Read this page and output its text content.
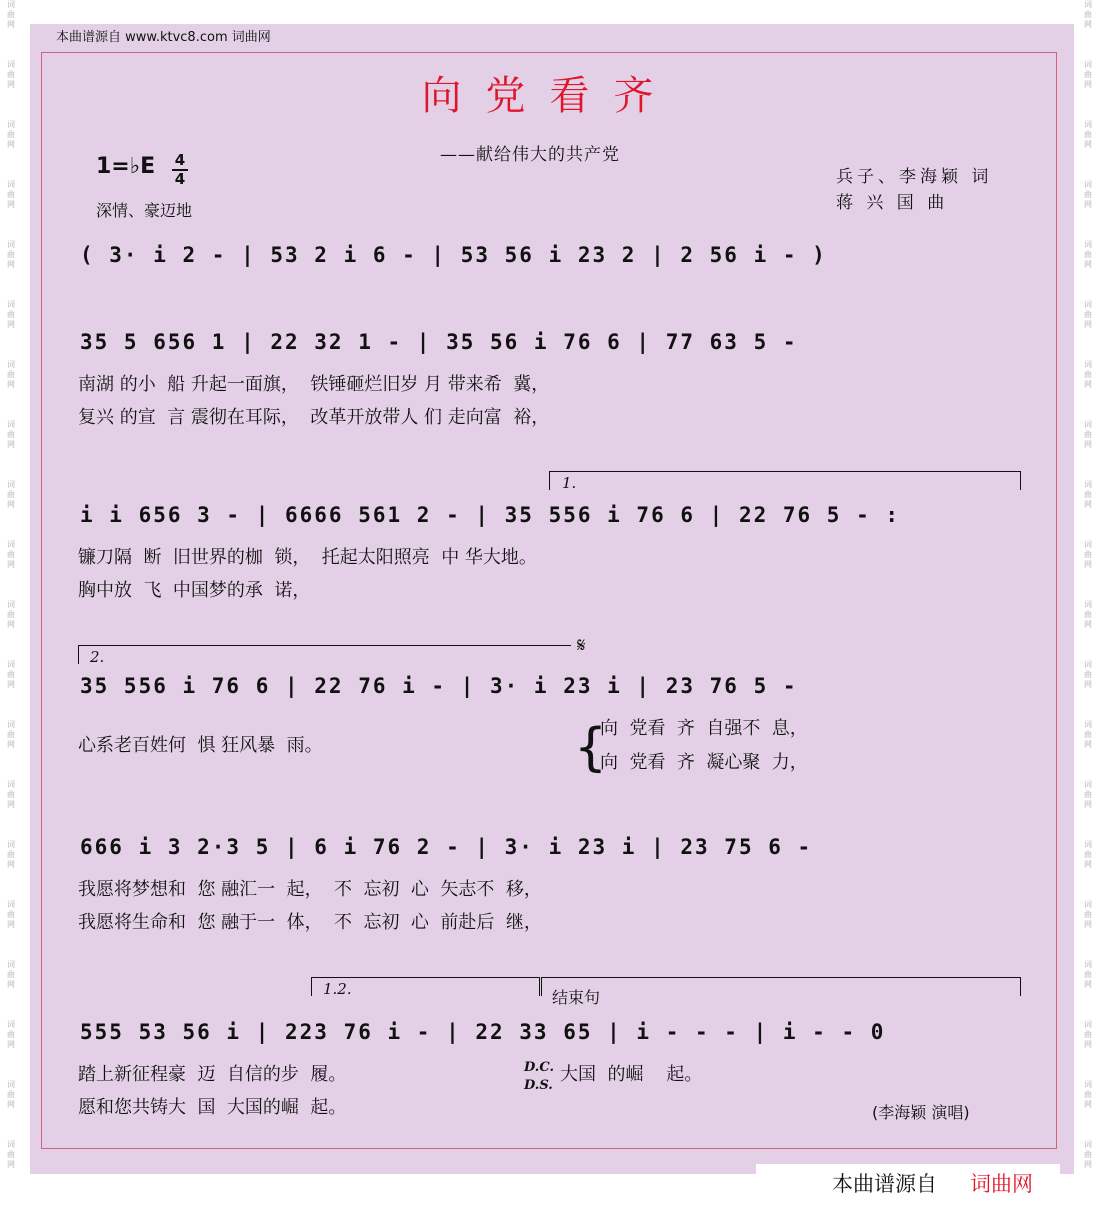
词
曲
网
词
曲
网
词
曲
网
词
曲
网
词
曲
网
词
曲
网
词
曲
网
词
曲
网
词
曲
网
词
曲
网
词
曲
网
词
曲
网
词
曲
网
词
曲
网
词
曲
网
词
曲
网
词
曲
网
词
曲
网
词
曲
网
词
曲
网
词
曲
网
词
曲
网
词
曲
网
词
曲
网
词
曲
网
词
曲
网
词
曲
网
词
曲
网
词
曲
网
词
曲
网
词
曲
网
词
曲
网
词
曲
网
词
曲
网
词
曲
网
词
曲
网
词
曲
网
词
曲
网
词
曲
网
词
曲
网
本曲谱源自 www.ktvc8.com 词曲网
向党看齐
——献给伟大的共产党
1=♭E 4
4
深情、豪迈地
兵子、李海颖 词
蒋 兴 国 曲
( 3· i 2 - | 53 2 i 6 - | 53 56 i 23 2 | 2 56 i - )
35 5 656 1 | 22 32 1 - | 35 56 i 76 6 | 77 63 5 -
南湖 的小  船 升起一面旗，  铁锤砸烂旧岁 月 带来希  冀，
复兴 的宣  言 震彻在耳际，  改革开放带人 们 走向富  裕，
1.
i i 656 3 - | 6666 561 2 - | 35 556 i 76 6 | 22 76 5 - :
镰刀隔  断  旧世界的枷  锁，  托起太阳照亮  中 华大地。
胸中放  飞  中国梦的承  诺，
2.	𝄋
35 556 i 76 6 | 22 76 i - | 3· i 23 i | 23 76 5 -
心系老百姓何  惧 狂风暴  雨。	{
向  党看  齐  自强不  息，
向  党看  齐  凝心聚  力，
666 i 3 2·3 5 | 6 i 76 2 - | 3· i 23 i | 23 75 6 -
我愿将梦想和  您 融汇一  起，  不  忘初  心  矢志不  移，
我愿将生命和  您 融于一  体，  不  忘初  心  前赴后  继，
1.2.	结束句
555 53 56 i | 223 76 i - | 22 33 65 | i - - - | i - - 0
踏上新征程豪  迈  自信的步  履。
愿和您共铸大  国  大国的崛  起。
大国  的崛    起。
D.C.
D.S.
(李海颖 演唱)
本曲谱源自 词曲网
